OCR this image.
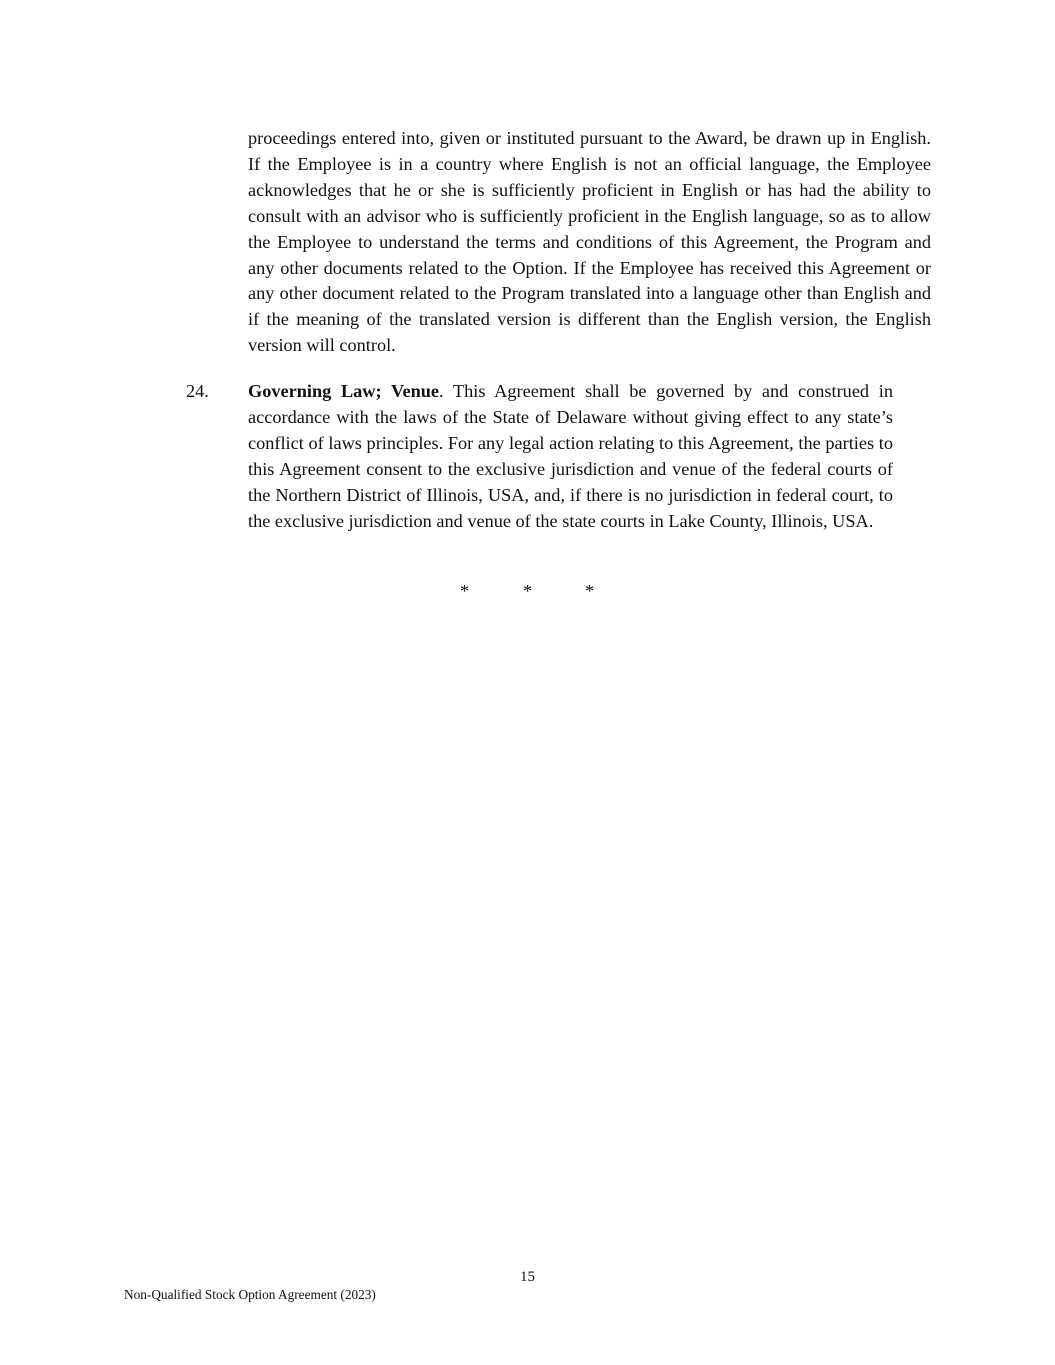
proceedings entered into, given or instituted pursuant to the Award, be drawn up in English. If the Employee is in a country where English is not an official language, the Employee acknowledges that he or she is sufficiently proficient in English or has had the ability to consult with an advisor who is sufficiently proficient in the English language, so as to allow the Employee to understand the terms and conditions of this Agreement, the Program and any other documents related to the Option. If the Employee has received this Agreement or any other document related to the Program translated into a language other than English and if the meaning of the translated version is different than the English version, the English version will control.

24. Governing Law; Venue. This Agreement shall be governed by and construed in accordance with the laws of the State of Delaware without giving effect to any state’s conflict of laws principles. For any legal action relating to this Agreement, the parties to this Agreement consent to the exclusive jurisdiction and venue of the federal courts of the Northern District of Illinois, USA, and, if there is no jurisdiction in federal court, to the exclusive jurisdiction and venue of the state courts in Lake County, Illinois, USA.

*	*	*
15
Non-Qualified Stock Option Agreement (2023)
